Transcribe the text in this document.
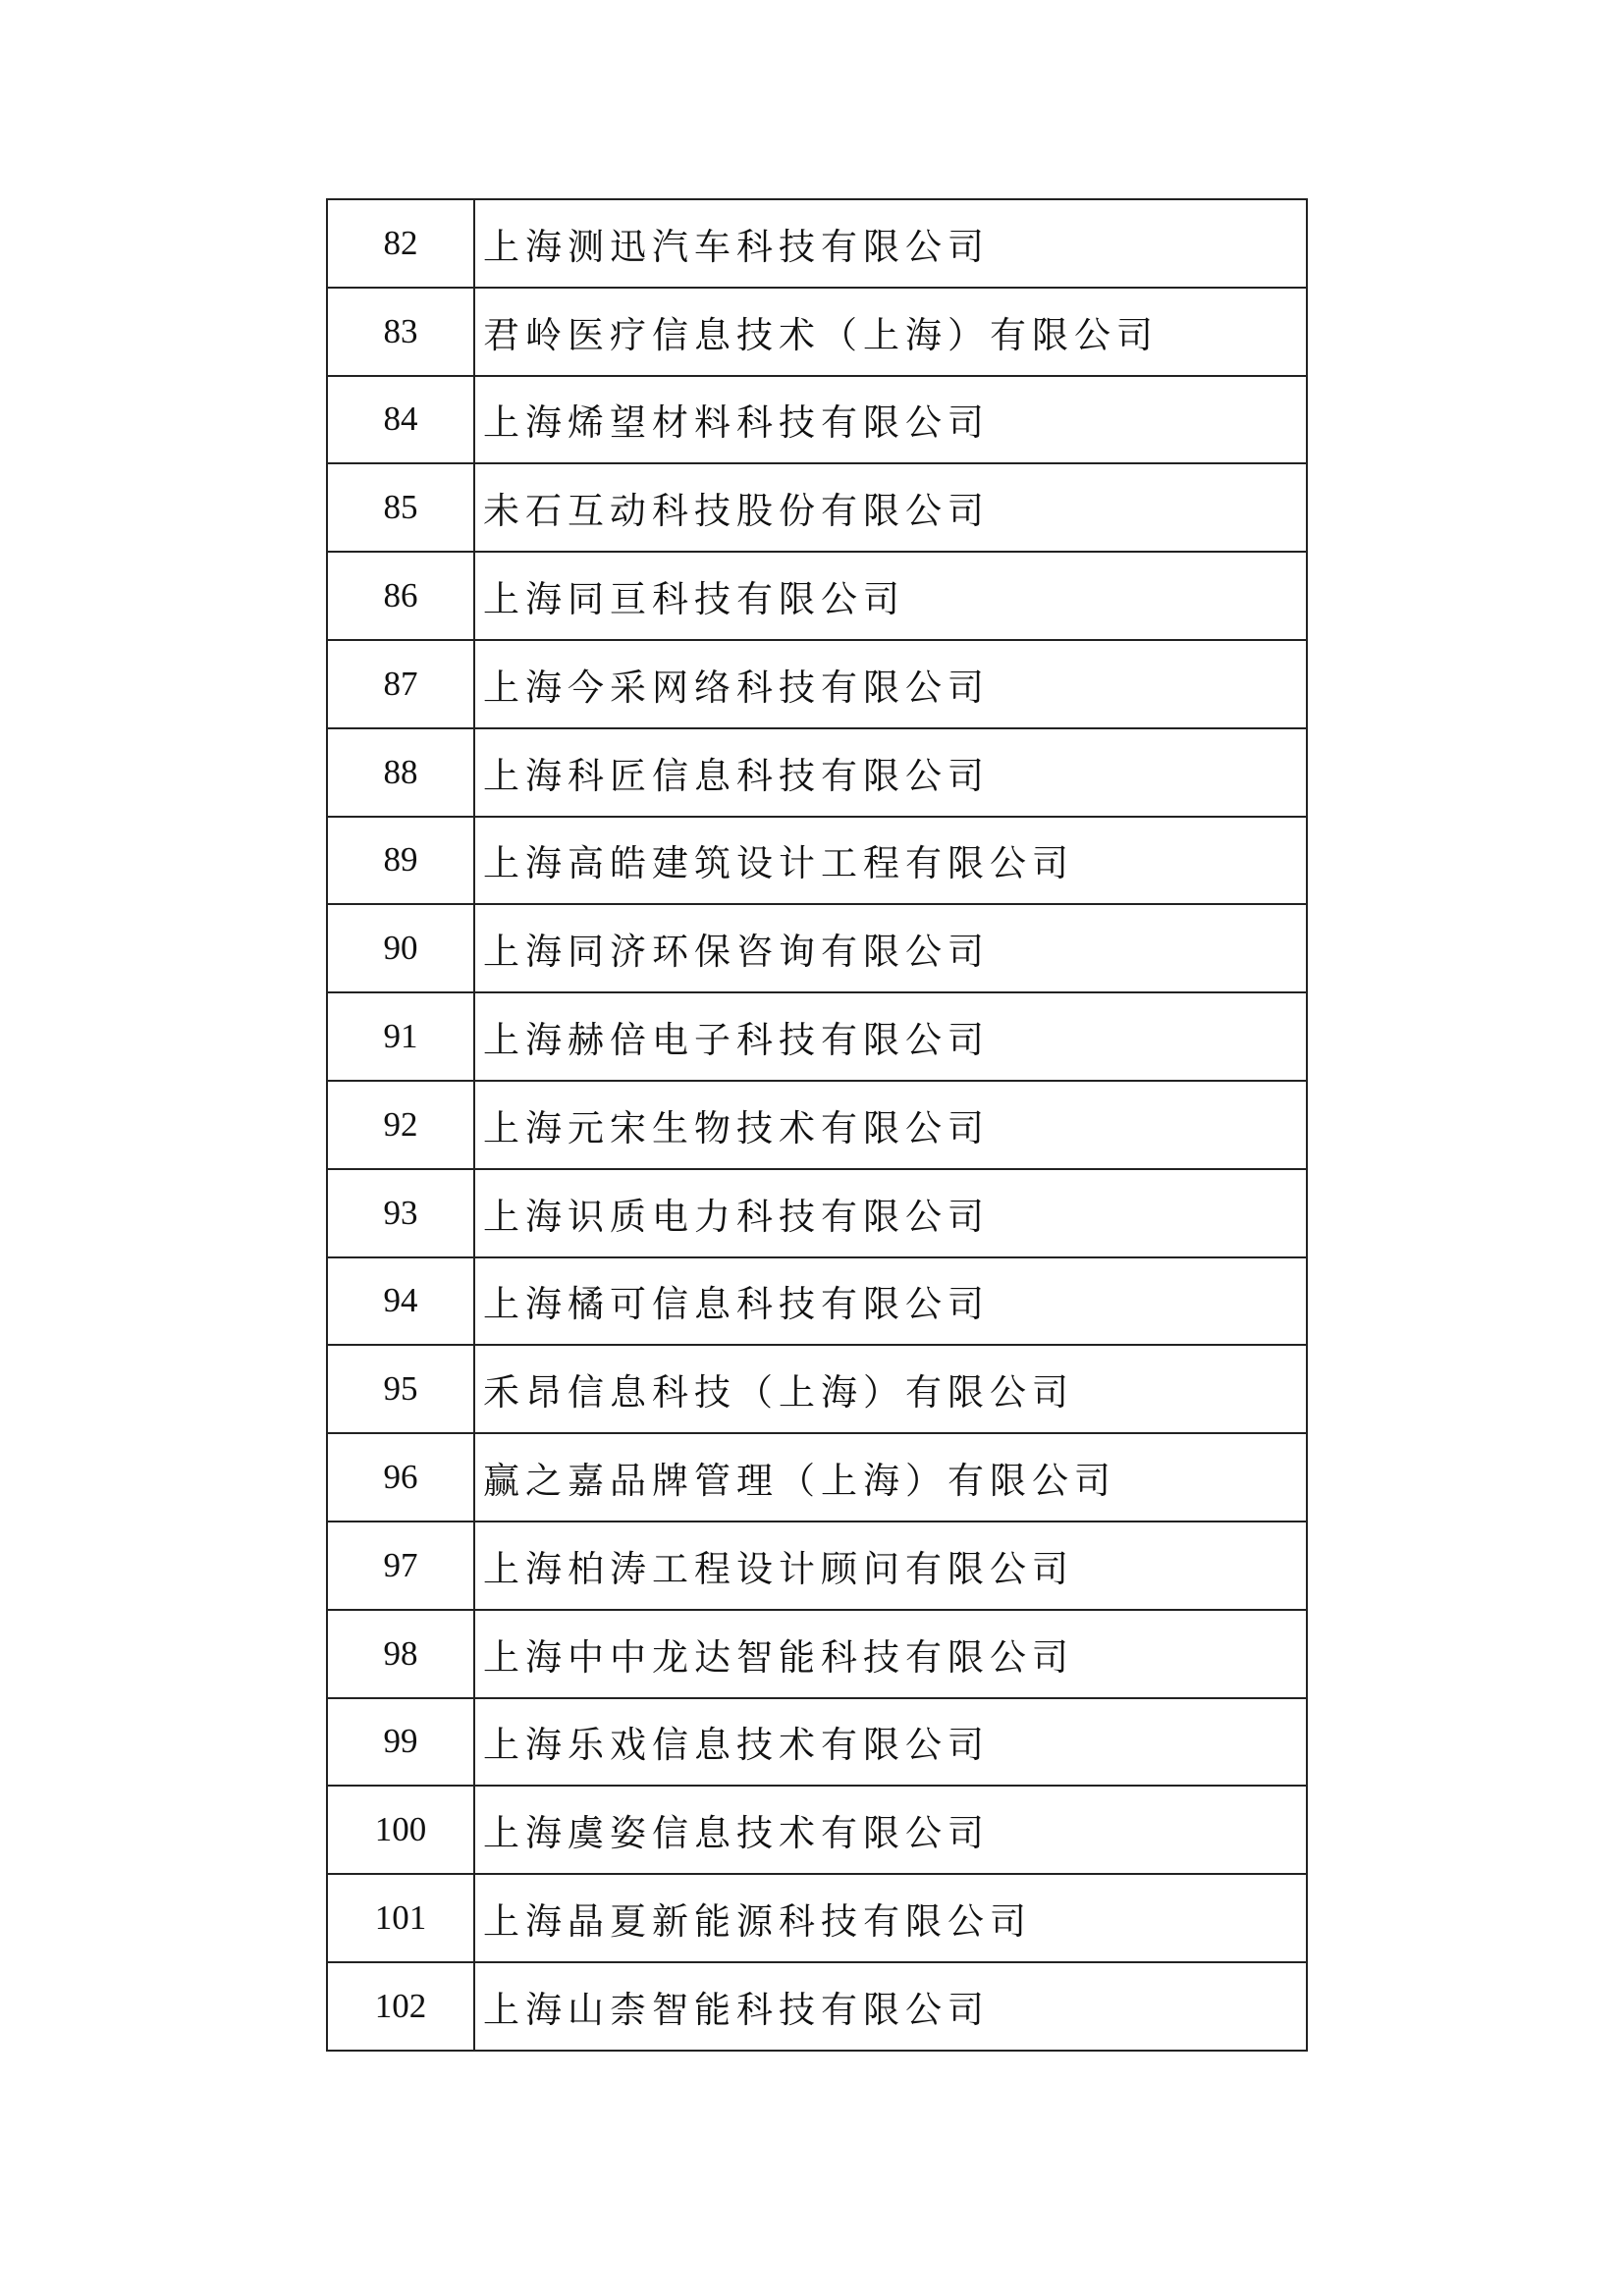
82	上海测迅汽车科技有限公司
83	君岭医疗信息技术（上海）有限公司
84	上海烯望材料科技有限公司
85	未石互动科技股份有限公司
86	上海同亘科技有限公司
87	上海今采网络科技有限公司
88	上海科匠信息科技有限公司
89	上海高皓建筑设计工程有限公司
90	上海同济环保咨询有限公司
91	上海赫倍电子科技有限公司
92	上海元宋生物技术有限公司
93	上海识质电力科技有限公司
94	上海橘可信息科技有限公司
95	禾昂信息科技（上海）有限公司
96	赢之嘉品牌管理（上海）有限公司
97	上海柏涛工程设计顾问有限公司
98	上海中中龙达智能科技有限公司
99	上海乐戏信息技术有限公司
100	上海虞姿信息技术有限公司
101	上海晶夏新能源科技有限公司
102	上海山柰智能科技有限公司
